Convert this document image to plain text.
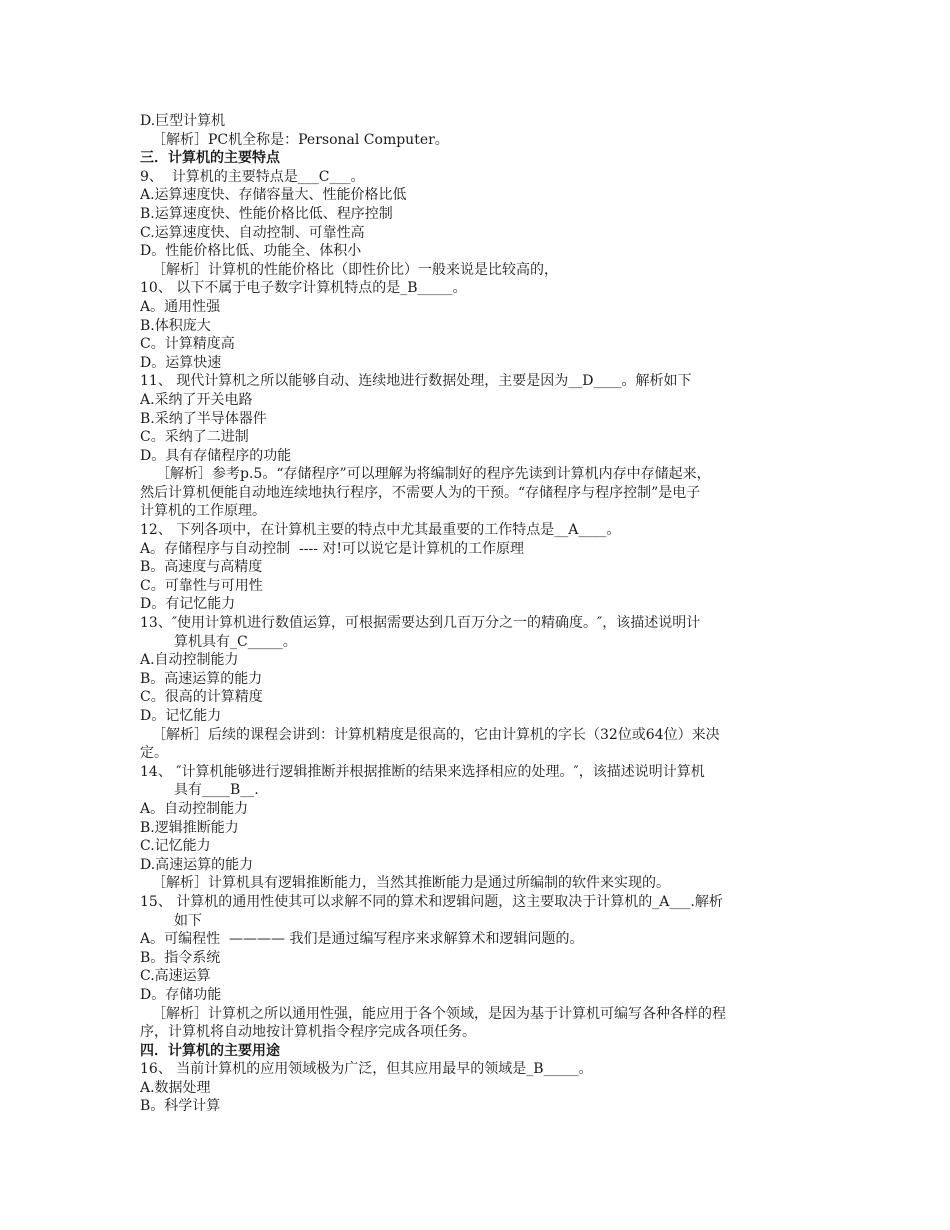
D.巨型计算机

［解析］PC机全称是：Personal Computer。

三．计算机的主要特点

9、  计算机的主要特点是___C___。

A.运算速度快、存储容量大、性能价格比低

B.运算速度快、性能价格比低、程序控制

C.运算速度快、自动控制、可靠性高

D。性能价格比低、功能全、体积小

［解析］计算机的性能价格比（即性价比）一般来说是比较高的，

10、 以下不属于电子数字计算机特点的是_B_____。

A。通用性强

B.体积庞大

C。计算精度高

D。运算快速

11、 现代计算机之所以能够自动、连续地进行数据处理，主要是因为__D____。解析如下

A.采纳了开关电路

B.采纳了半导体器件

C。采纳了二进制

D。具有存储程序的功能

［解析］参考p.5。“存储程序”可以理解为将编制好的程序先读到计算机内存中存储起来，

然后计算机便能自动地连续地执行程序，不需要人为的干预。“存储程序与程序控制”是电子

计算机的工作原理。

12、 下列各项中，在计算机主要的特点中尤其最重要的工作特点是__A____。

A。存储程序与自动控制  ---- 对!可以说它是计算机的工作原理

B。高速度与高精度

C。可靠性与可用性

D。有记忆能力

13、″使用计算机进行数值运算，可根据需要达到几百万分之一的精确度。″，该描述说明计

算机具有_C_____。

A.自动控制能力

B。高速运算的能力

C。很高的计算精度

D。记忆能力

［解析］后续的课程会讲到：计算机精度是很高的，它由计算机的字长（32位或64位）来决

定。

14、 ″计算机能够进行逻辑推断并根据推断的结果来选择相应的处理。″，该描述说明计算机

具有____B__.

A。自动控制能力

B.逻辑推断能力

C.记忆能力

D.高速运算的能力

［解析］计算机具有逻辑推断能力，当然其推断能力是通过所编制的软件来实现的。

15、 计算机的通用性使其可以求解不同的算术和逻辑问题，这主要取决于计算机的_A___.解析

如下

A。可编程性  ———— 我们是通过编写程序来求解算术和逻辑问题的。

B。指令系统

C.高速运算

D。存储功能

［解析］计算机之所以通用性强，能应用于各个领域，是因为基于计算机可编写各种各样的程

序，计算机将自动地按计算机指令程序完成各项任务。

四．计算机的主要用途

16、 当前计算机的应用领域极为广泛，但其应用最早的领域是_B_____。

A.数据处理

B。科学计算
